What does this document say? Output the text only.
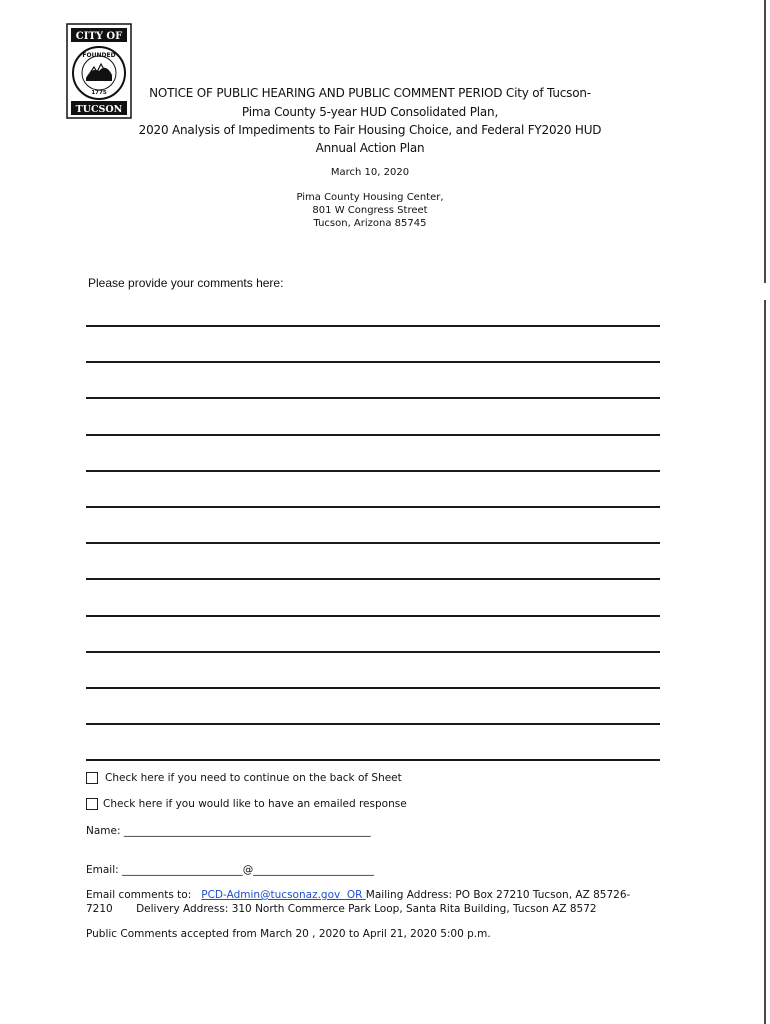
CITY OF
FOUNDED
1775
TUCSON
NOTICE OF PUBLIC HEARING AND PUBLIC COMMENT PERIOD City of Tucson-
Pima County 5-year HUD Consolidated Plan,
2020 Analysis of Impediments to Fair Housing Choice, and Federal FY2020 HUD
Annual Action Plan
March 10, 2020
Pima County Housing Center,
801 W Congress Street
Tucson, Arizona 85745
Please provide your comments here:
Check here if you need to continue on the back of Sheet
Check here if you would like to have an emailed response
Name: _______________________________________________
Email: _______________________@_______________________
Email comments to:   PCD-Admin@tucsonaz.gov  OR Mailing Address: PO Box 27210 Tucson, AZ 85726-
7210       Delivery Address: 310 North Commerce Park Loop, Santa Rita Building, Tucson AZ 8572
Public Comments accepted from March 20 , 2020 to April 21, 2020 5:00 p.m.
